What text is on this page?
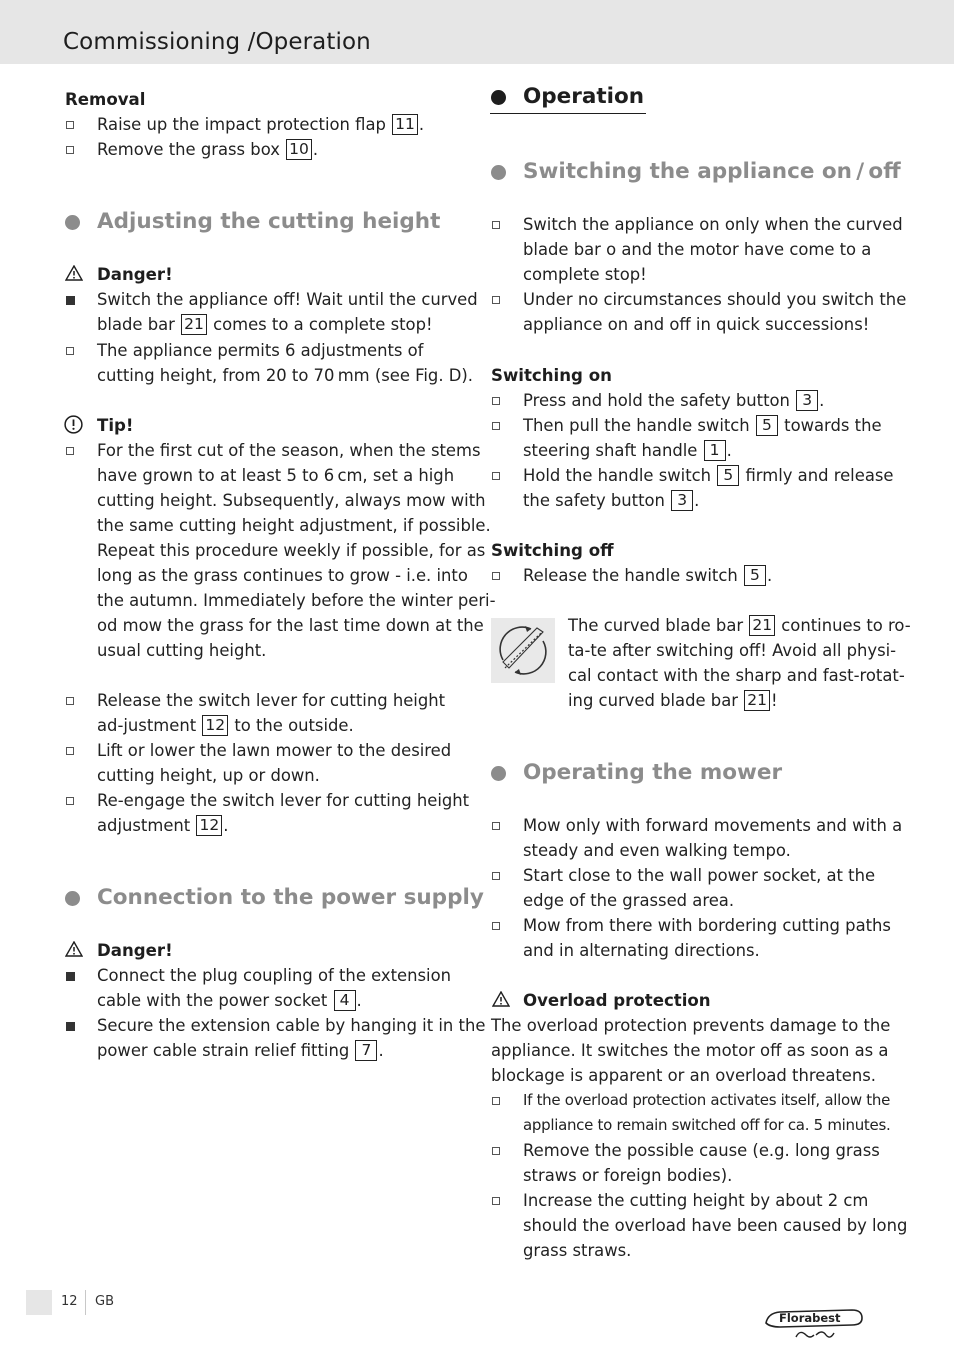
Commissioning /Operation
Removal
Raise up the impact protection flap 11 .
Remove the grass box 10 .
Adjusting the cutting height
Danger!
Switch the appliance off! Wait until the curved
blade bar 21 comes to a complete stop!
The appliance permits 6 adjustments of
cutting height, from 20 to 70 mm (see Fig. D).
Tip!
For the first cut of the season, when the stems
have grown to at least 5 to 6 cm, set a high
cutting height. Subsequently, always mow with
the same cutting height adjustment, if possible.
Repeat this procedure weekly if possible, for as
long as the grass continues to grow - i.e. into
the autumn. Immediately before the winter peri-
od mow the grass for the last time down at the
usual cutting height.
Release the switch lever for cutting height
ad-justment 12 to the outside.
Lift or lower the lawn mower to the desired
cutting height, up or down.
Re-engage the switch lever for cutting height
adjustment 12 .
Connection to the power supply
Danger!
Connect the plug coupling of the extension
cable with the power socket 4 .
Secure the extension cable by hanging it in the
power cable strain relief fitting 7 .
Operation
Switching the appliance on / off
Switch the appliance on only when the curved
blade bar o and the motor have come to a
complete stop!
Under no circumstances should you switch the
appliance on and off in quick successions!
Switching on
Press and hold the safety button 3 .
Then pull the handle switch 5 towards the
steering shaft handle 1 .
Hold the handle switch 5 firmly and release
the safety button 3 .
Switching off
Release the handle switch 5 .
The curved blade bar 21 continues to ro-
ta-te after switching off! Avoid all physi-
cal contact with the sharp and fast-rotat-
ing curved blade bar 21 !
Operating the mower
Mow only with forward movements and with a
steady and even walking tempo.
Start close to the wall power socket, at the
edge of the grassed area.
Mow from there with bordering cutting paths
and in alternating directions.
Overload protection
The overload protection prevents damage to the
appliance. It switches the motor off as soon as a
blockage is apparent or an overload threatens.
If the overload protection activates itself, allow the
appliance to remain switched off for ca. 5 minutes.
Remove the possible cause (e.g. long grass
straws or foreign bodies).
Increase the cutting height by about 2 cm
should the overload have been caused by long
grass straws.
12 GB
Florabest
